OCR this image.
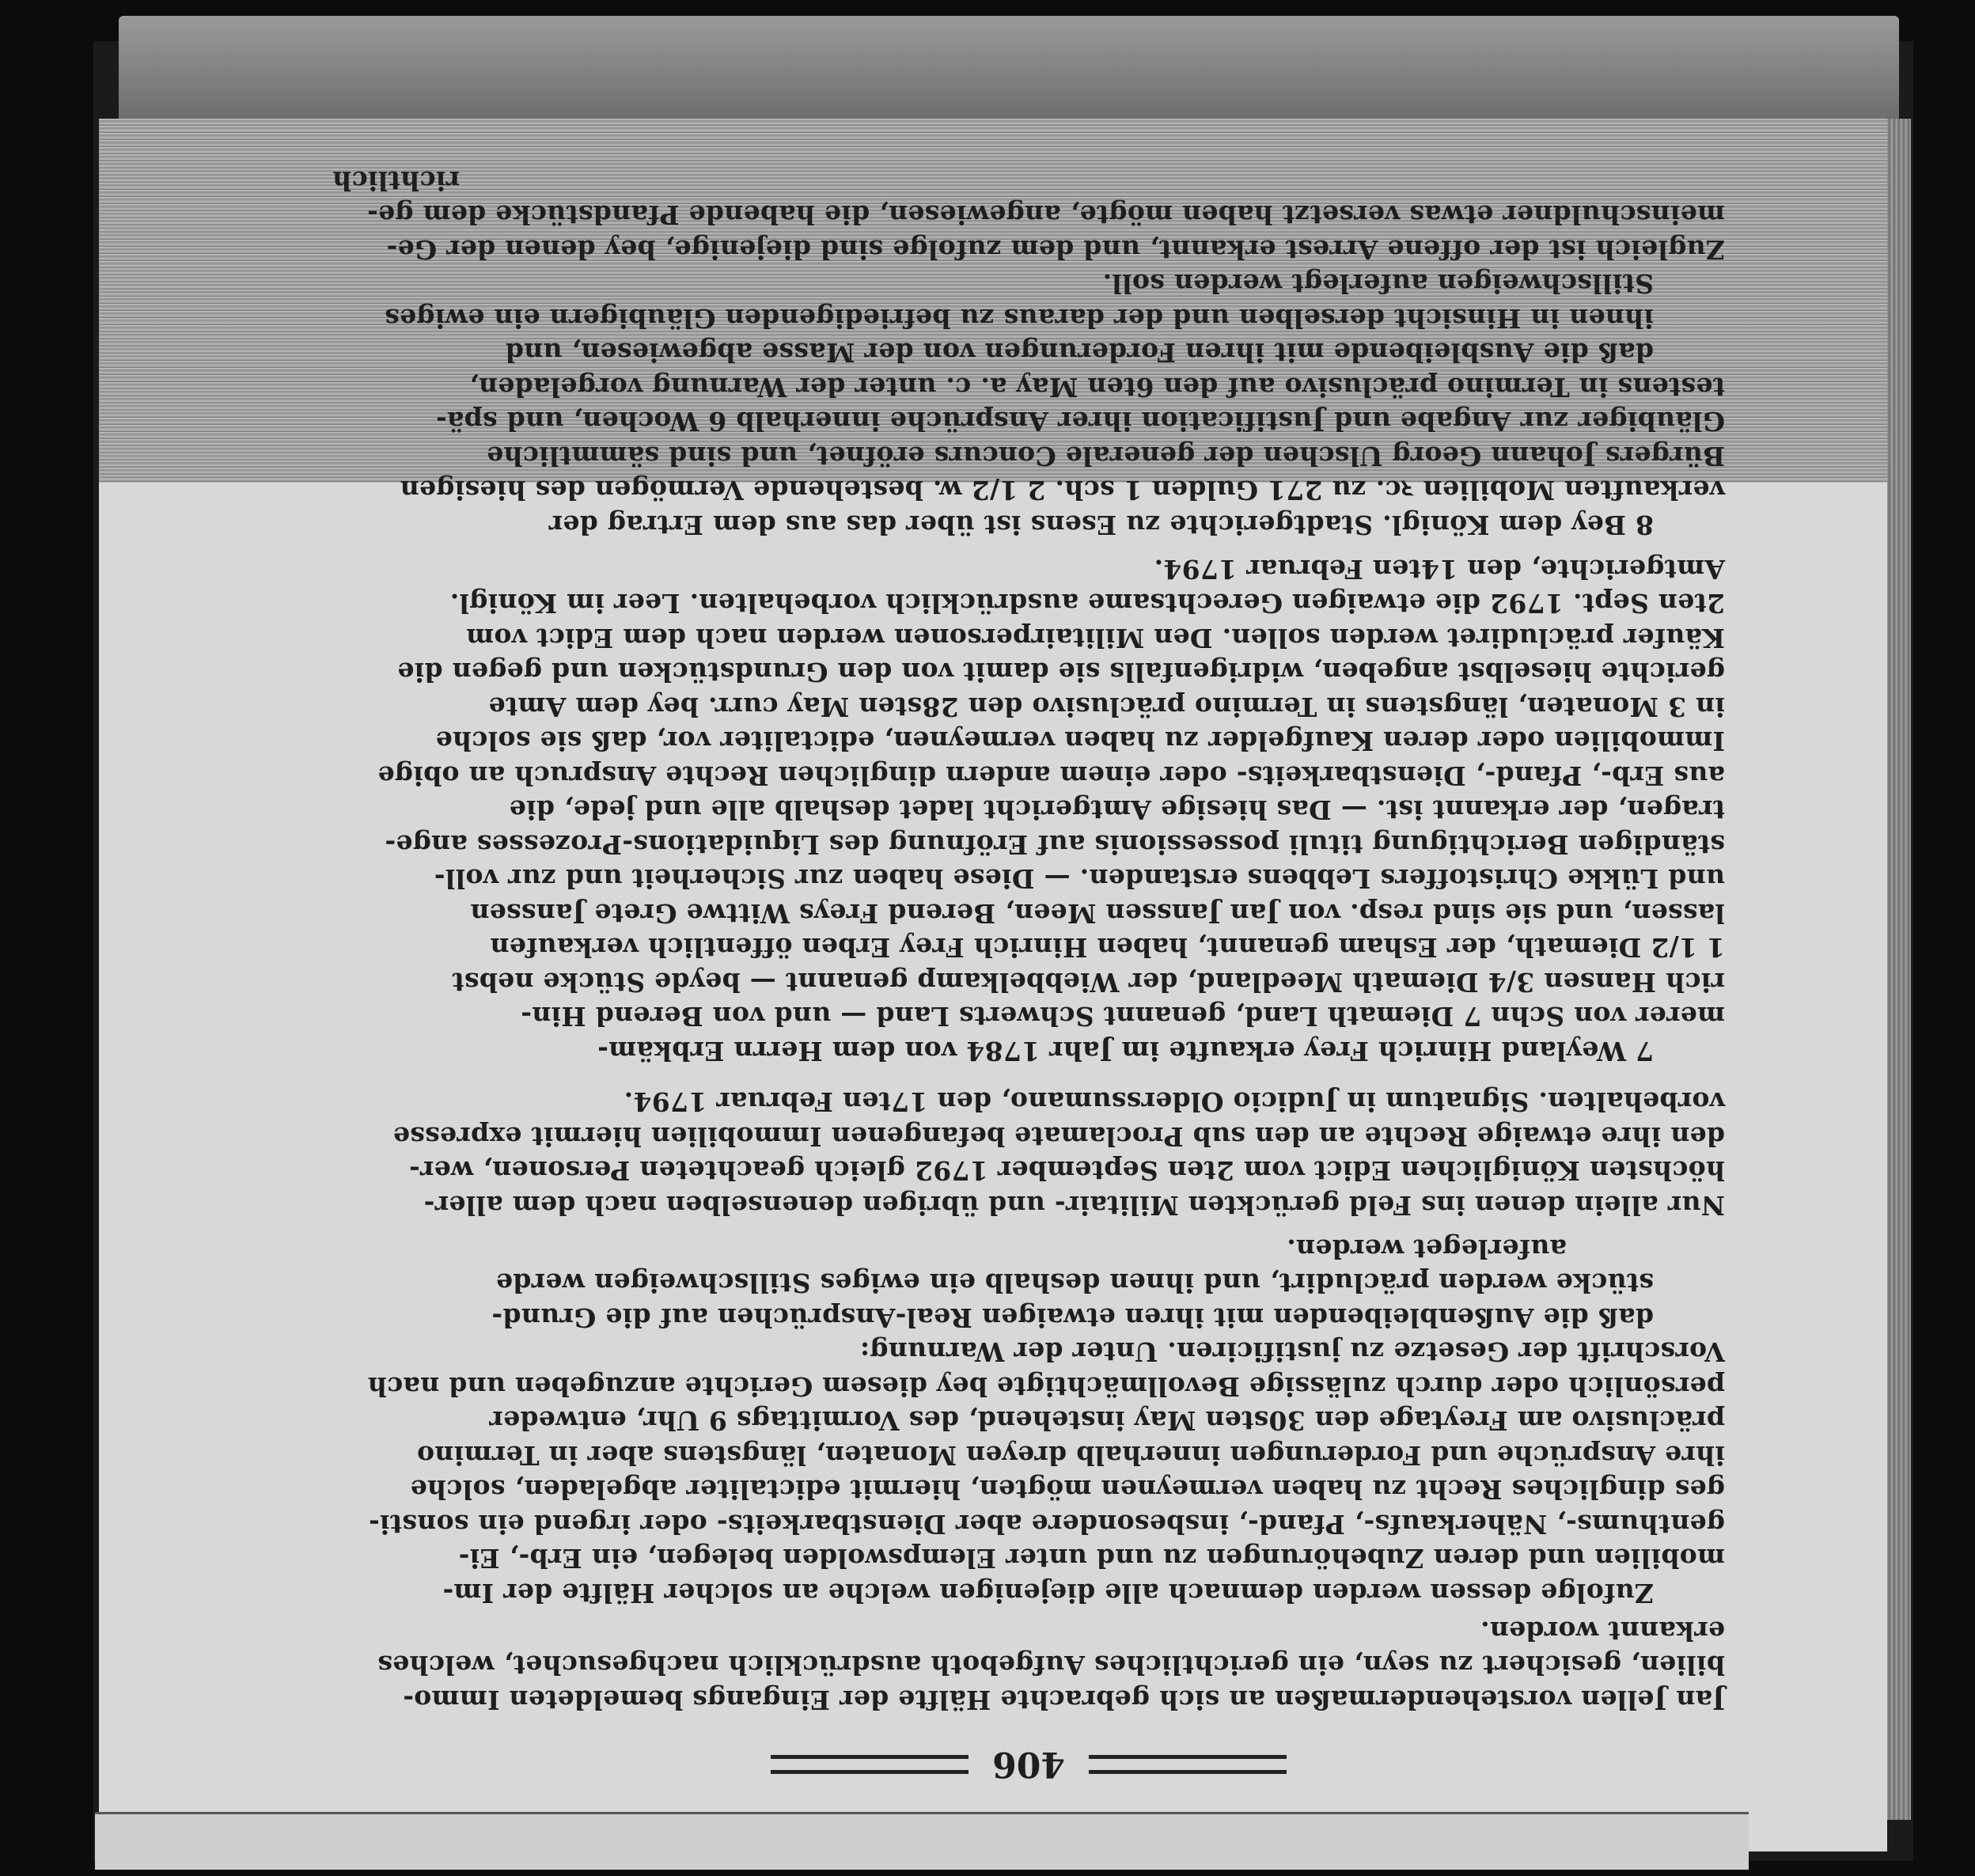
406

Jan Jellen vorstehendermaßen an sich gebrachte Hälfte der Eingangs bemeldeten Immo-

bilien, gesichert zu seyn, ein gerichtliches Aufgeboth ausdrücklich nachgesuchet, welches

erkannt worden.

Zufolge dessen werden demnach alle diejenigen welche an solcher Hälfte der Im-

mobilien und deren Zubehörungen zu und unter Elempswolden belegen, ein Erb-, Ei-

genthums-, Näherkaufs-, Pfand-, insbesondere aber Dienstbarkeits- oder irgend ein sonsti-

ges dingliches Recht zu haben vermeynen mögten, hiermit edictaliter abgeladen, solche

ihre Ansprüche und Forderungen innerhalb dreyen Monaten, längstens aber in Termino

präclusivo am Freytage den 30sten May instehend, des Vormittags 9 Uhr, entweder

persönlich oder durch zulässige Bevollmächtigte bey diesem Gerichte anzugeben und nach

Vorschrift der Gesetze zu justificiren. Unter der Warnung:

daß die Außenbleibenden mit ihren etwaigen Real-Ansprüchen auf die Grund-

stücke werden präcludirt, und ihnen deshalb ein ewiges Stillschweigen werde

auferleget werden.

Nur allein denen ins Feld gerückten Militair- und übrigen denenselben nach dem aller-

höchsten Königlichen Edict vom 2ten September 1792 gleich geachteten Personen, wer-

den ihre etwaige Rechte an den sub Proclamate befangenen Immobilien hiermit expresse

vorbehalten. Signatum in Judicio Olderssumano, den 17ten Februar 1794.

7 Weyland Hinrich Frey erkaufte im Jahr 1784 von dem Herrn Erbkäm-

merer von Schn 7 Diemath Land, genannt Schwerts Land — und von Berend Hin-

rich Hansen 3/4 Diemath Meedland, der Wiebbelkamp genannt — beyde Stücke nebst

1 1/2 Diemath, der Esham genannt, haben Hinrich Frey Erben öffentlich verkaufen

lassen, und sie sind resp. von Jan Janssen Meen, Berend Freys Wittwe Grete Janssen

und Lükke Christoffers Lebbens erstanden. — Diese haben zur Sicherheit und zur voll-

ständigen Berichtigung tituli possessionis auf Eröfnung des Liquidations-Prozesses ange-

tragen, der erkannt ist. — Das hiesige Amtgericht ladet deshalb alle und jede, die

aus Erb-, Pfand-, Dienstbarkeits- oder einem andern dinglichen Rechte Anspruch an obige

Immobilien oder deren Kaufgelder zu haben vermeynen, edictaliter vor, daß sie solche

in 3 Monaten, längstens in Termino präclusivo den 28sten May curr. bey dem Amte

gerichte hieselbst angeben, widrigenfalls sie damit von den Grundstücken und gegen die

Käufer präcludiret werden sollen. Den Militairpersonen werden nach dem Edict vom

2ten Sept. 1792 die etwaigen Gerechtsame ausdrücklich vorbehalten. Leer im Königl.

Amtgerichte, den 14ten Februar 1794.

8 Bey dem Königl. Stadtgerichte zu Esens ist über das aus dem Ertrag der

verkauften Mobilien ꝛc. zu 271 Gulden 1 sch. 2 1/2 w. bestehende Vermögen des hiesigen

Bürgers Johann Georg Ulschen der generale Concurs eröfnet, und sind sämmtliche

Gläubiger zur Angabe und Justification ihrer Ansprüche innerhalb 6 Wochen, und spä-

testens in Termino präclusivo auf den 6ten May a. c. unter der Warnung vorgeladen,

daß die Ausbleibende mit ihren Forderungen von der Masse abgewiesen, und

ihnen in Hinsicht derselben und der daraus zu befriedigenden Gläubigern ein ewiges

Stillschweigen auferlegt werden soll.

Zugleich ist der offene Arrest erkannt, und dem zufolge sind diejenige, bey denen der Ge-

meinschuldner etwas versetzt haben mögte, angewiesen, die habende Pfandstücke dem ge-

richtlich
